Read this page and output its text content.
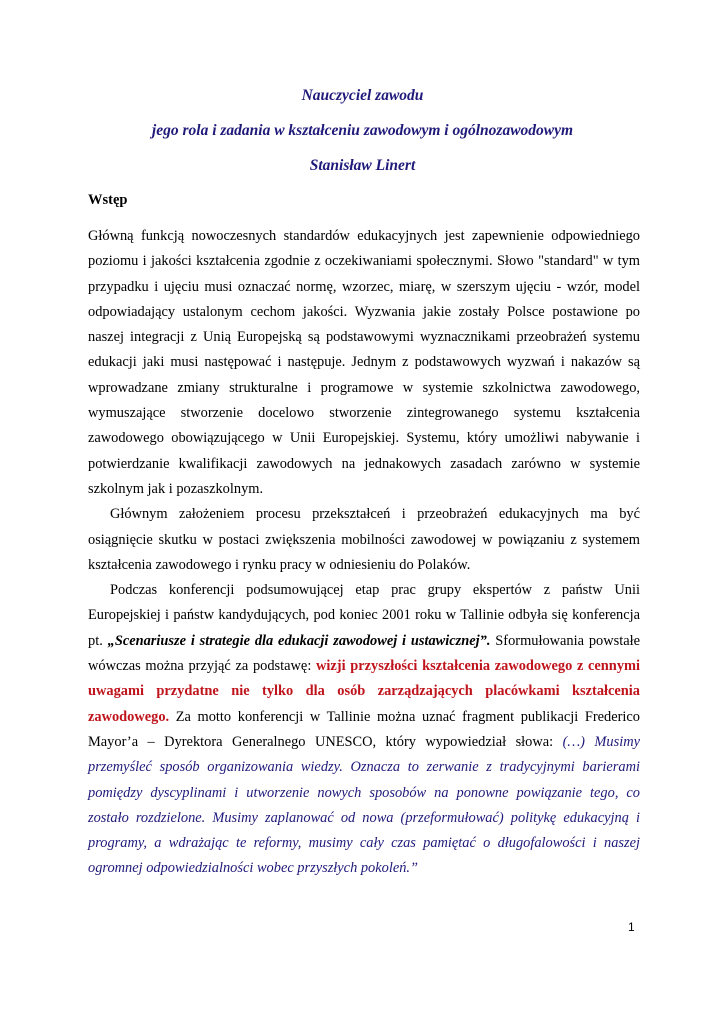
Nauczyciel zawodu
jego rola i zadania w kształceniu zawodowym i ogólnozawodowym
Stanisław Linert
Wstęp

Główną funkcją nowoczesnych standardów edukacyjnych jest zapewnienie odpowiedniego poziomu i jakości kształcenia zgodnie z oczekiwaniami społecznymi. Słowo "standard" w tym przypadku i ujęciu musi oznaczać normę, wzorzec, miarę, w szerszym ujęciu - wzór, model odpowiadający ustalonym cechom jakości. Wyzwania jakie zostały Polsce postawione po naszej integracji z Unią Europejską są podstawowymi wyznacznikami przeobrażeń systemu edukacji jaki musi następować i następuje. Jednym z podstawowych wyzwań i nakazów są wprowadzane zmiany strukturalne i programowe w systemie szkolnictwa zawodowego, wymuszające stworzenie docelowo stworzenie zintegrowanego systemu kształcenia zawodowego obowiązującego w Unii Europejskiej. Systemu, który umożliwi nabywanie i potwierdzanie kwalifikacji zawodowych na jednakowych zasadach zarówno w systemie szkolnym jak i pozaszkolnym.

Głównym założeniem procesu przekształceń i przeobrażeń edukacyjnych ma być osiągnięcie skutku w postaci zwiększenia mobilności zawodowej w powiązaniu z systemem kształcenia zawodowego i rynku pracy w odniesieniu do Polaków.

Podczas konferencji podsumowującej etap prac grupy ekspertów z państw Unii Europejskiej i państw kandydujących, pod koniec 2001 roku w Tallinie odbyła się konferencja pt. „Scenariusze i strategie dla edukacji zawodowej i ustawicznej”. Sformułowania powstałe wówczas można przyjąć za podstawę: wizji przyszłości kształcenia zawodowego z cennymi uwagami przydatne nie tylko dla osób zarządzających placówkami kształcenia zawodowego. Za motto konferencji w Tallinie można uznać fragment publikacji Frederico Mayor’a – Dyrektora Generalnego UNESCO, który wypowiedział słowa: (…) Musimy przemyśleć sposób organizowania wiedzy. Oznacza to zerwanie z tradycyjnymi barierami pomiędzy dyscyplinami i utworzenie nowych sposobów na ponowne powiązanie tego, co zostało rozdzielone. Musimy zaplanować od nowa (przeformułować) politykę edukacyjną i programy, a wdrażając te reformy, musimy cały czas pamiętać o długofalowości i naszej ogromnej odpowiedzialności wobec przyszłych pokoleń.”

1
